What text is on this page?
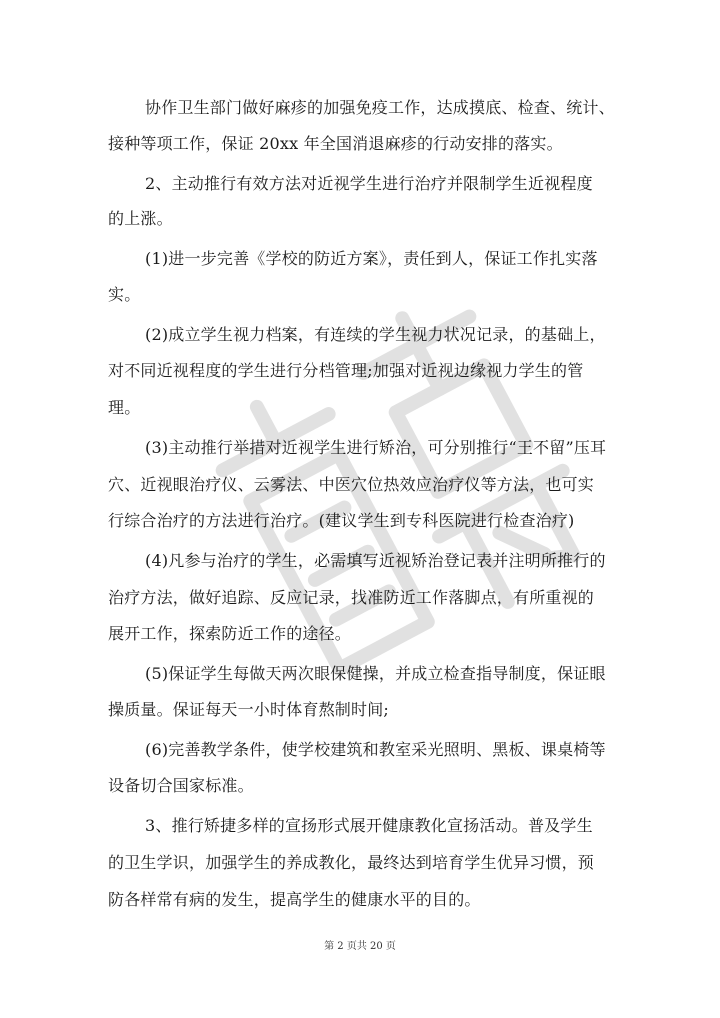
协作卫生部门做好麻疹的加强免疫工作，达成摸底、检查、统计、
接种等项工作，保证 20xx 年全国消退麻疹的行动安排的落实。
2、主动推行有效方法对近视学生进行治疗并限制学生近视程度
的上涨。
(1)进一步完善《学校的防近方案》，责任到人，保证工作扎实落
实。
(2)成立学生视力档案，有连续的学生视力状况记录，的基础上，
对不同近视程度的学生进行分档管理;加强对近视边缘视力学生的管
理。
(3)主动推行举措对近视学生进行矫治，可分别推行“王不留”压耳
穴、近视眼治疗仪、云雾法、中医穴位热效应治疗仪等方法，也可实
行综合治疗的方法进行治疗。(建议学生到专科医院进行检查治疗)
(4)凡参与治疗的学生，必需填写近视矫治登记表并注明所推行的
治疗方法，做好追踪、反应记录，找准防近工作落脚点，有所重视的
展开工作，探索防近工作的途径。
(5)保证学生每做天两次眼保健操，并成立检查指导制度，保证眼
操质量。保证每天一小时体育熬制时间;
(6)完善教学条件，使学校建筑和教室采光照明、黑板、课桌椅等
设备切合国家标准。
3、推行矫捷多样的宣扬形式展开健康教化宣扬活动。普及学生
的卫生学识，加强学生的养成教化，最终达到培育学生优异习惯，预
防各样常有病的发生，提高学生的健康水平的目的。
第 2 页共 20 页
